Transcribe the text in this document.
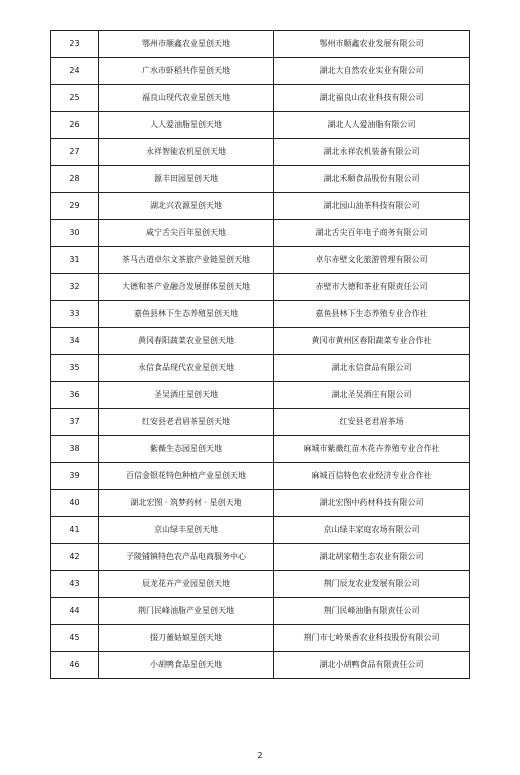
23	鄂州市顺鑫农业星创天地	鄂州市顺鑫农业发展有限公司
24	广水市虾稻共作星创天地	湖北大自然农业实业有限公司
25	福良山现代农业星创天地	湖北福良山农业科技有限公司
26	人人爱油脂星创天地	湖北人人爱油脂有限公司
27	永祥智能农机星创天地	湖北永祥农机装备有限公司
28	源丰田园星创天地	湖北禾顺食品股份有限公司
29	湖北兴农源星创天地	湖北园山油茶科技有限公司
30	咸宁舌尖百年星创天地	湖北舌尖百年电子商务有限公司
31	茶马古道卓尔文茶旅产业链星创天地	卓尔赤壁文化旅游管理有限公司
32	大德和茶产业融合发展群体星创天地	赤壁市大德和茶业有限责任公司
33	嘉鱼县林下生态养殖星创天地	嘉鱼县林下生态养殖专业合作社
34	黄冈春阳蔬菜农业星创天地	黄冈市黄州区春阳蔬菜专业合作社
35	永信食品现代农业星创天地	湖北永信食品有限公司
36	圣吴酒庄星创天地	湖北圣吴酒庄有限公司
37	红安县老君眉茶星创天地	红安县老君眉茶场
38	紫薇生态园星创天地	麻城市紫薇红苗木花卉养殖专业合作社
39	百信金银花特色种植产业星创天地	麻城百信特色农业经济专业合作社
40	湖北宏图 · 筑梦药材 · 星创天地	湖北宏图中药材科技有限公司
41	京山绿丰星创天地	京山绿丰家庭农场有限公司
42	子陵铺镇特色农产品电商服务中心	湖北胡家精生态农业有限公司
43	辰龙花卉产业园星创天地	荆门辰龙农业发展有限公司
44	荆门民峰油脂产业星创天地	荆门民峰油脂有限责任公司
45	掇刀董姑娘星创天地	荆门市七岭果香农业科技股份有限公司
46	小胡鸭食品星创天地	湖北小胡鸭食品有限责任公司
2
